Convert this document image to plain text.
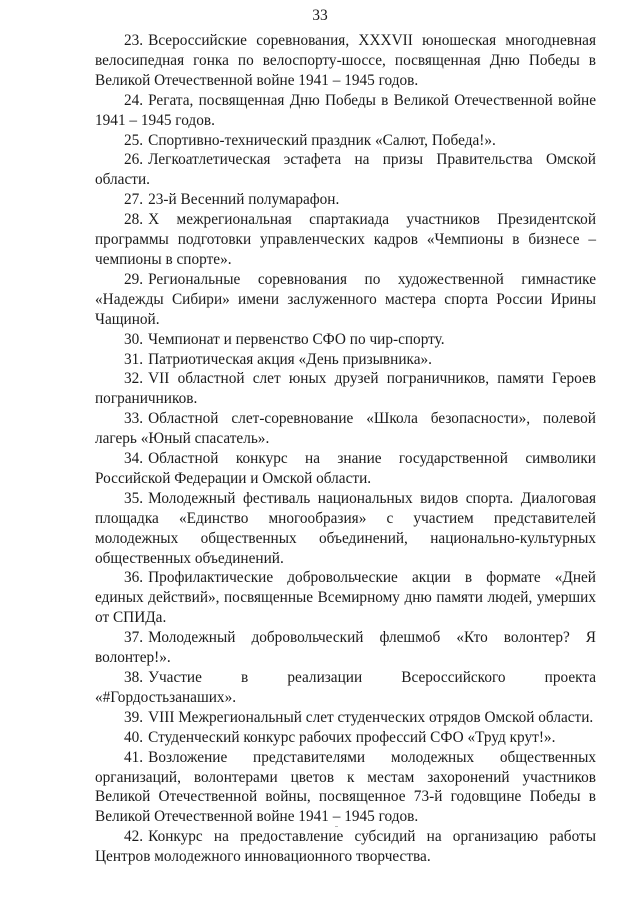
33

23. Всероссийские соревнования, XXXVII юношеская многодневная велосипедная гонка по велоспорту-шоссе, посвященная Дню Победы в Великой Отечественной войне 1941 – 1945 годов.

24. Регата, посвященная Дню Победы в Великой Отечественной войне 1941 – 1945 годов.

25. Спортивно-технический праздник «Салют, Победа!».

26. Легкоатлетическая эстафета на призы Правительства Омской области.

27. 23-й Весенний полумарафон.

28. X межрегиональная спартакиада участников Президентской программы подготовки управленческих кадров «Чемпионы в бизнесе – чемпионы в спорте».

29. Региональные соревнования по художественной гимнастике «Надежды Сибири» имени заслуженного мастера спорта России Ирины Чащиной.

30. Чемпионат и первенство СФО по чир-спорту.

31. Патриотическая акция «День призывника».

32. VII областной слет юных друзей пограничников, памяти Героев пограничников.

33. Областной слет-соревнование «Школа безопасности», полевой лагерь «Юный спасатель».

34. Областной конкурс на знание государственной символики Российской Федерации и Омской области.

35. Молодежный фестиваль национальных видов спорта. Диалоговая площадка «Единство многообразия» с участием представителей молодежных общественных объединений, национально-культурных общественных объединений.

36. Профилактические добровольческие акции в формате «Дней единых действий», посвященные Всемирному дню памяти людей, умерших от СПИДа.

37. Молодежный добровольческий флешмоб «Кто волонтер? Я волонтер!».

38. Участие в реализации Всероссийского проекта «#Гордостьзанаших».

39. VIII Межрегиональный слет студенческих отрядов Омской области.

40. Студенческий конкурс рабочих профессий СФО «Труд крут!».

41. Возложение представителями молодежных общественных организаций, волонтерами цветов к местам захоронений участников Великой Отечественной войны, посвященное 73-й годовщине Победы в Великой Отечественной войне 1941 – 1945 годов.

42. Конкурс на предоставление субсидий на организацию работы Центров молодежного инновационного творчества.
